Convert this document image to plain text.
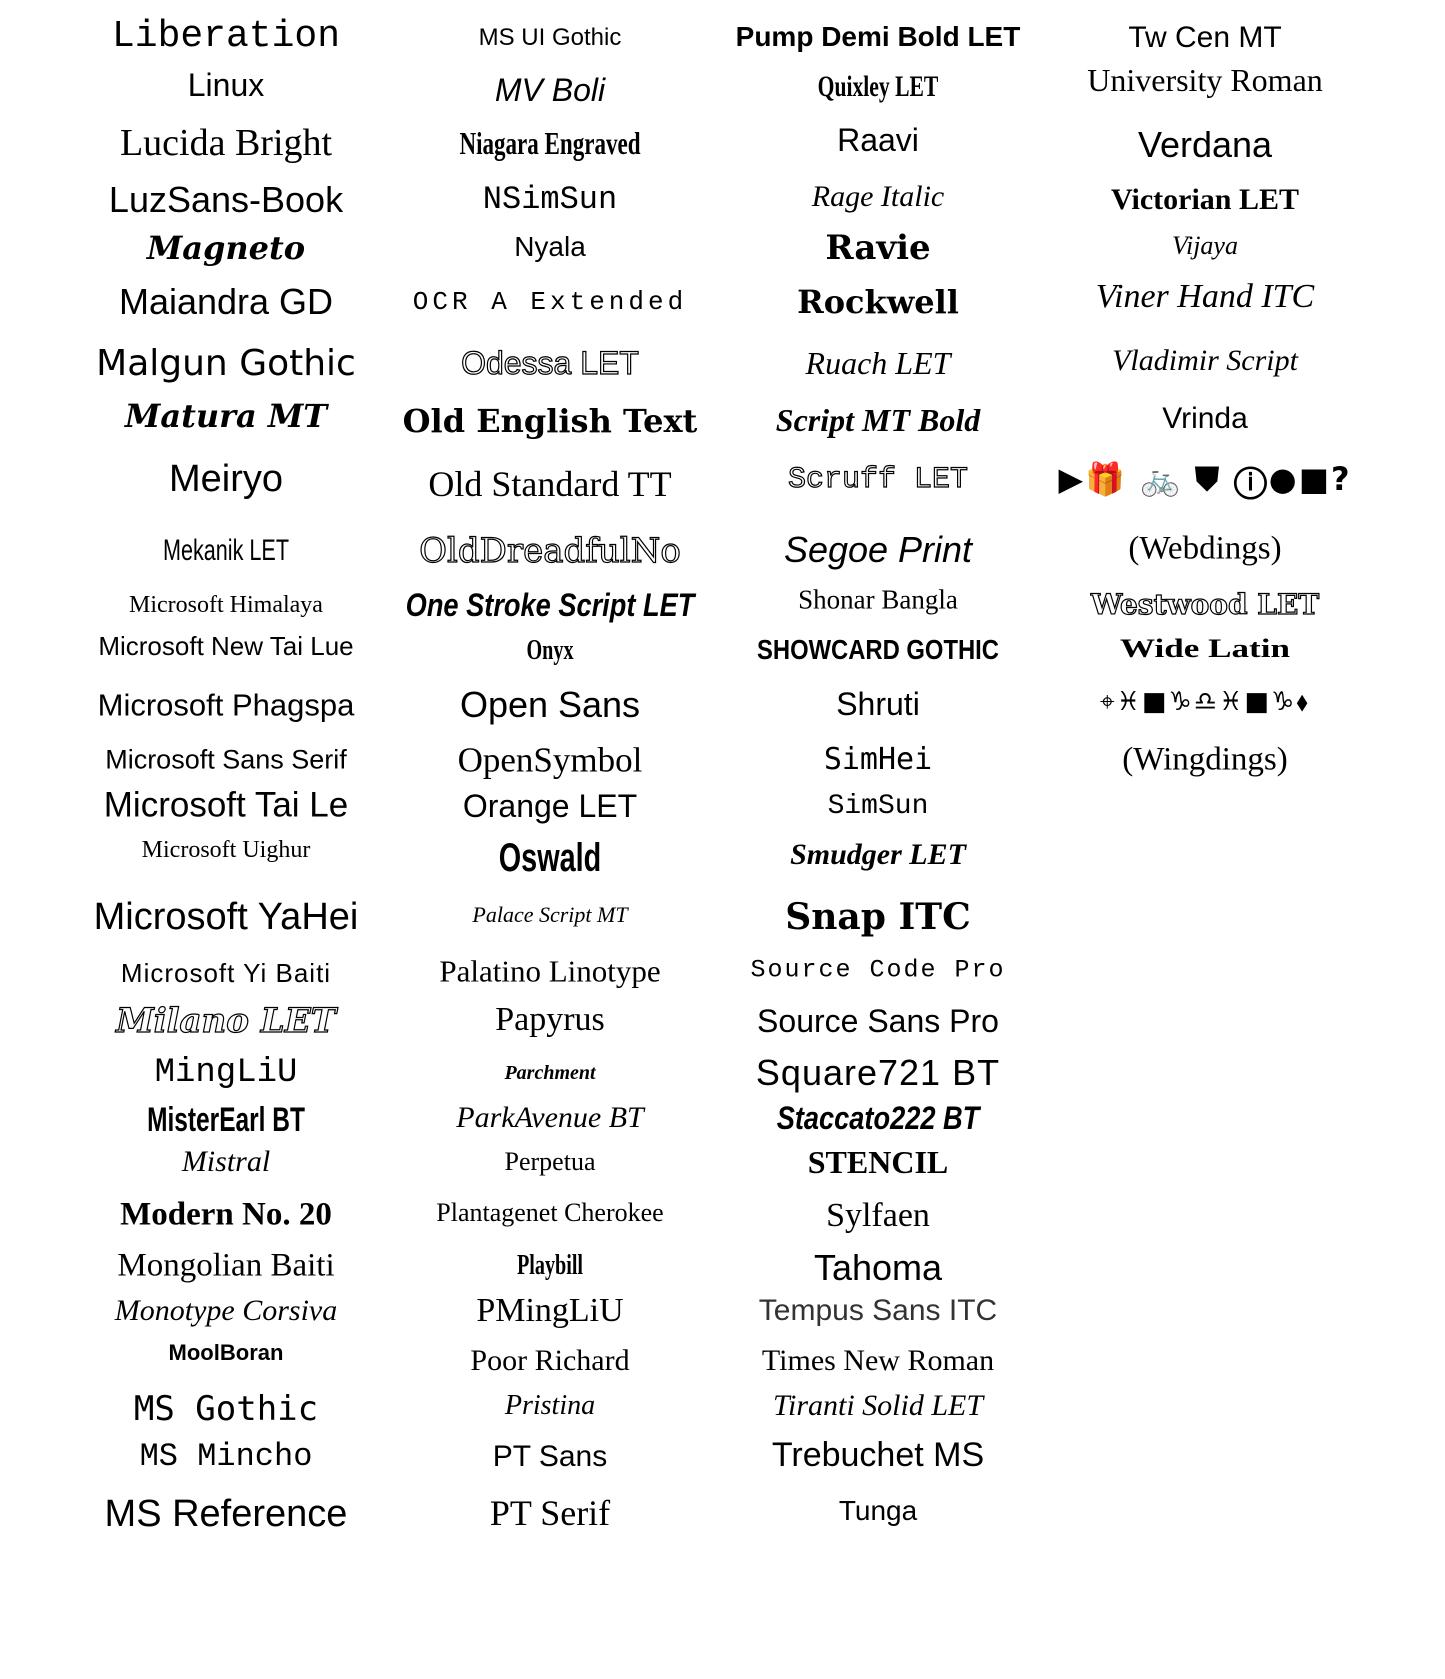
Liberation
Linux
Lucida Bright
LuzSans-Book
Magneto
Maiandra GD
Malgun Gothic
Matura MT
Meiryo
Mekanik LET
Microsoft Himalaya
Microsoft New Tai Lue
Microsoft Phagspa
Microsoft Sans Serif
Microsoft Tai Le
Microsoft Uighur
Microsoft YaHei
Microsoft Yi Baiti
Milano LET
MingLiU
MisterEarl BT
Mistral
Modern No. 20
Mongolian Baiti
Monotype Corsiva
MoolBoran
MS Gothic
MS Mincho
MS Reference
MS UI Gothic
MV Boli
Niagara Engraved
NSimSun
Nyala
OCR A Extended
Odessa LET
Old English Text
Old Standard TT
OldDreadfulNo
One Stroke Script LET
Onyx
Open Sans
OpenSymbol
Orange LET
Oswald
Palace Script MT
Palatino Linotype
Papyrus
Parchment
ParkAvenue BT
Perpetua
Plantagenet Cherokee
Playbill
PMingLiU
Poor Richard
Pristina
PT Sans
PT Serif
Pump Demi Bold LET
Quixley LET
Raavi
Rage Italic
Ravie
Rockwell
Ruach LET
Script MT Bold
Scruff LET
Segoe Print
Shonar Bangla
SHOWCARD GOTHIC
Shruti
SimHei
SimSun
Smudger LET
Snap ITC
Source Code Pro
Source Sans Pro
Square721 BT
Staccato222 BT
STENCIL
Sylfaen
Tahoma
Tempus Sans ITC
Times New Roman
Tiranti Solid LET
Trebuchet MS
Tunga
Tw Cen MT
University Roman
Verdana
Victorian LET
Vijaya
Viner Hand ITC
Vladimir Script
Vrinda
▶🎁 🚲 ⛊ ⓘ●■?
(Webdings)
Westwood LET
Wide Latin
⌖♓■♑♎♓■♑⬧
(Wingdings)
